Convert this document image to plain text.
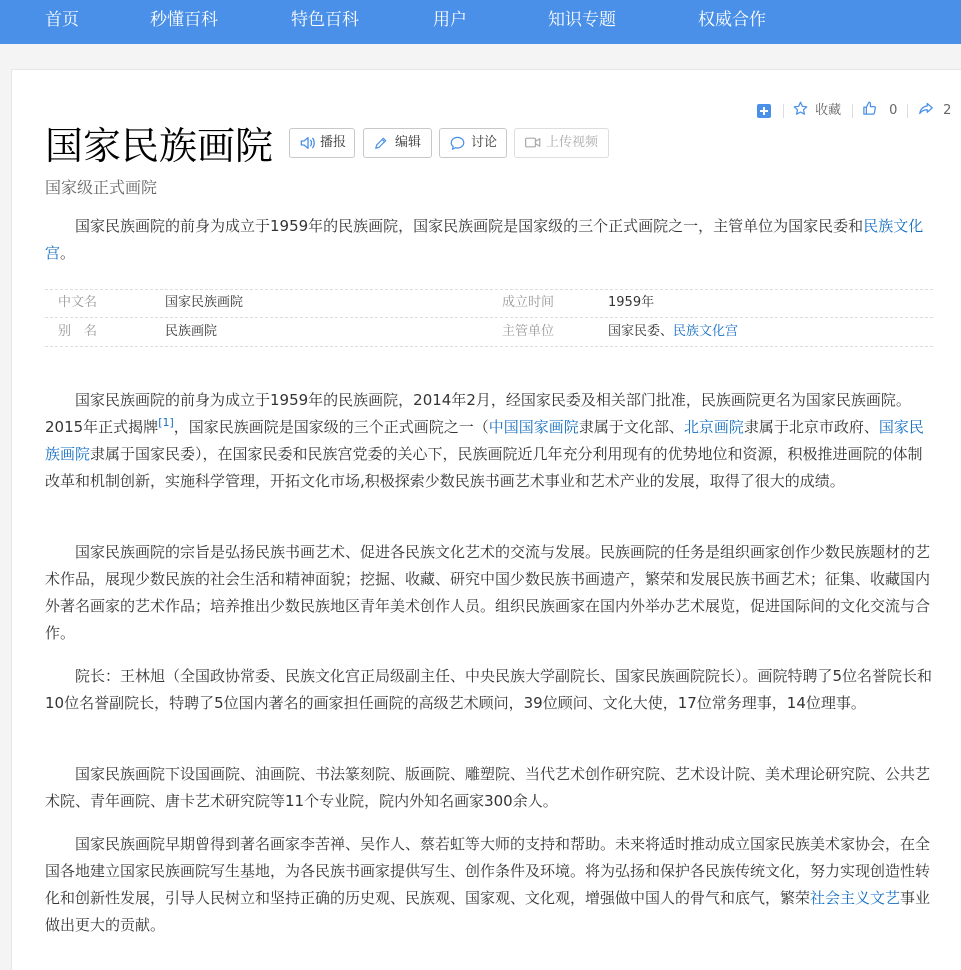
首页	秒懂百科	特色百科	用户	知识专题	权威合作
收藏	0	2
国家民族画院	播报	编辑	讨论	上传视频
国家级正式画院

国家民族画院的前身为成立于1959年的民族画院，国家民族画院是国家级的三个正式画院之一，主管单位为国家民委和民族文化宫。

中文名	国家民族画院	成立时间	1959年
别　名	民族画院	主管单位	国家民委、民族文化宫

国家民族画院的前身为成立于1959年的民族画院，2014年2月，经国家民委及相关部门批准，民族画院更名为国家民族画院。2015年正式揭牌[1]，国家民族画院是国家级的三个正式画院之一（中国国家画院隶属于文化部、北京画院隶属于北京市政府、国家民族画院隶属于国家民委），在国家民委和民族宫党委的关心下，民族画院近几年充分利用现有的优势地位和资源，积极推进画院的体制改革和机制创新，实施科学管理，开拓文化市场,积极探索少数民族书画艺术事业和艺术产业的发展，取得了很大的成绩。

国家民族画院的宗旨是弘扬民族书画艺术、促进各民族文化艺术的交流与发展。民族画院的任务是组织画家创作少数民族题材的艺术作品，展现少数民族的社会生活和精神面貌；挖掘、收藏、研究中国少数民族书画遗产，繁荣和发展民族书画艺术；征集、收藏国内外著名画家的艺术作品；培养推出少数民族地区青年美术创作人员。组织民族画家在国内外举办艺术展览，促进国际间的文化交流与合作。

院长：王林旭（全国政协常委、民族文化宫正局级副主任、中央民族大学副院长、国家民族画院院长）。画院特聘了5位名誉院长和10位名誉副院长，特聘了5位国内著名的画家担任画院的高级艺术顾问，39位顾问、文化大使，17位常务理事，14位理事。

国家民族画院下设国画院、油画院、书法篆刻院、版画院、雕塑院、当代艺术创作研究院、艺术设计院、美术理论研究院、公共艺术院、青年画院、唐卡艺术研究院等11个专业院，院内外知名画家300余人。

国家民族画院早期曾得到著名画家李苦禅、吴作人、蔡若虹等大师的支持和帮助。未来将适时推动成立国家民族美术家协会，在全国各地建立国家民族画院写生基地，为各民族书画家提供写生、创作条件及环境。将为弘扬和保护各民族传统文化，努力实现创造性转化和创新性发展，引导人民树立和坚持正确的历史观、民族观、国家观、文化观，增强做中国人的骨气和底气，繁荣社会主义文艺事业做出更大的贡献。
